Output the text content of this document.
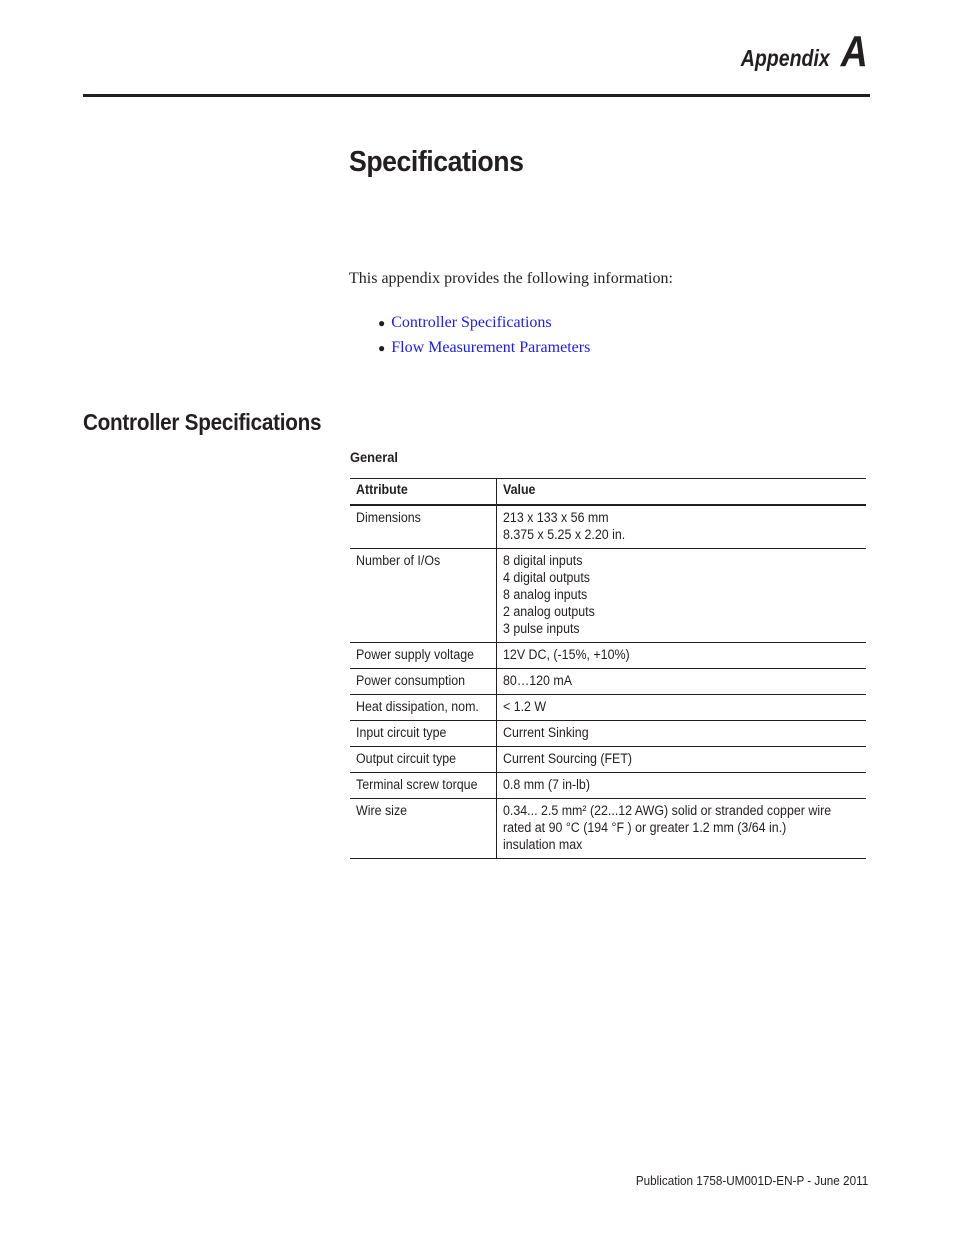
Appendix A
Specifications

This appendix provides the following information:

● Controller Specifications
● Flow Measurement Parameters
Controller Specifications

General

Attribute	Value
Dimensions	213 x 133 x 56 mm
8.375 x 5.25 x 2.20 in.

Number of I/Os	8 digital inputs
4 digital outputs
8 analog inputs
2 analog outputs
3 pulse inputs

Power supply voltage	12V DC, (-15%, +10%)

Power consumption	80…120 mA

Heat dissipation, nom.	< 1.2 W

Input circuit type	Current Sinking

Output circuit type	Current Sourcing (FET)

Terminal screw torque	0.8 mm (7 in-lb)

Wire size	0.34... 2.5 mm² (22...12 AWG) solid or stranded copper wire
rated at 90 °C (194 °F ) or greater 1.2 mm (3/64 in.)
insulation max

Publication 1758-UM001D-EN-P - June 2011
